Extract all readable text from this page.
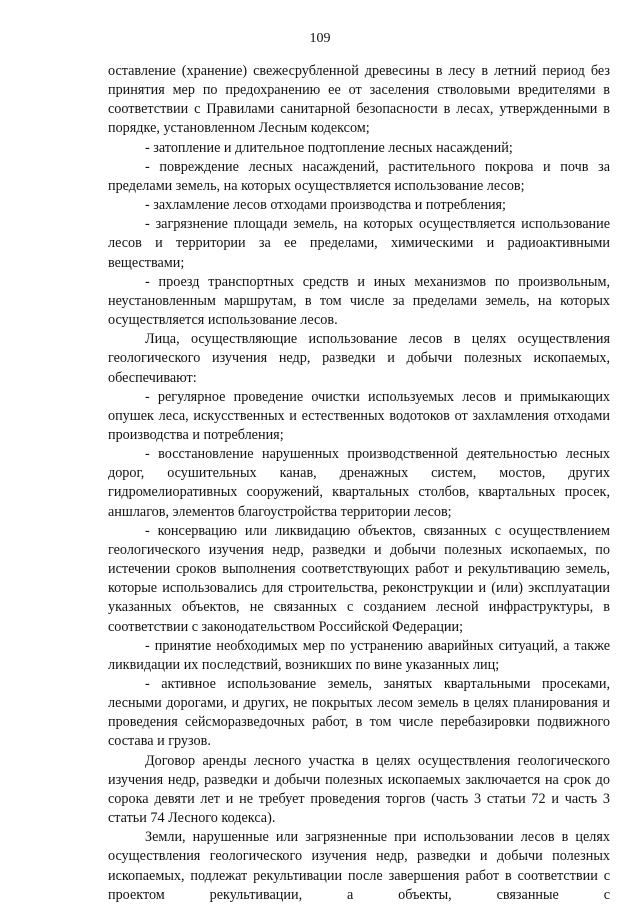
109

оставление (хранение) свежесрубленной древесины в лесу в летний период без принятия мер по предохранению ее от заселения стволовыми вредителями в соответствии с Правилами санитарной безопасности в лесах, утвержденными в порядке, установленном Лесным кодексом;

- затопление и длительное подтопление лесных насаждений;

- повреждение лесных насаждений, растительного покрова и почв за пределами земель, на которых осуществляется использование лесов;

- захламление лесов отходами производства и потребления;

- загрязнение площади земель, на которых осуществляется использование лесов и территории за ее пределами, химическими и радиоактивными веществами;

- проезд транспортных средств и иных механизмов по произвольным, неустановленным маршрутам, в том числе за пределами земель, на которых осуществляется использование лесов.

Лица, осуществляющие использование лесов в целях осуществления геологического изучения недр, разведки и добычи полезных ископаемых, обеспечивают:

- регулярное проведение очистки используемых лесов и примыкающих опушек леса, искусственных и естественных водотоков от захламления отходами производства и потребления;

- восстановление нарушенных производственной деятельностью лесных дорог, осушительных канав, дренажных систем, мостов, других гидромелиоративных сооружений, квартальных столбов, квартальных просек, аншлагов, элементов благоустройства территории лесов;

- консервацию или ликвидацию объектов, связанных с осуществлением геологического изучения недр, разведки и добычи полезных ископаемых, по истечении сроков выполнения соответствующих работ и рекультивацию земель, которые использовались для строительства, реконструкции и (или) эксплуатации указанных объектов, не связанных с созданием лесной инфраструктуры, в соответствии с законодательством Российской Федерации;

- принятие необходимых мер по устранению аварийных ситуаций, а также ликвидации их последствий, возникших по вине указанных лиц;

- активное использование земель, занятых квартальными просеками, лесными дорогами, и других, не покрытых лесом земель в целях планирования и проведения сейсморазведочных работ, в том числе перебазировки подвижного состава и грузов.

Договор аренды лесного участка в целях осуществления геологического изучения недр, разведки и добычи полезных ископаемых заключается на срок до сорока девяти лет и не требует проведения торгов (часть 3 статьи 72 и часть 3 статьи 74 Лесного кодекса).

Земли, нарушенные или загрязненные при использовании лесов в целях осуществления геологического изучения недр, разведки и добычи полезных ископаемых, подлежат рекультивации после завершения работ в соответствии с проектом рекультивации, а объекты, связанные с
